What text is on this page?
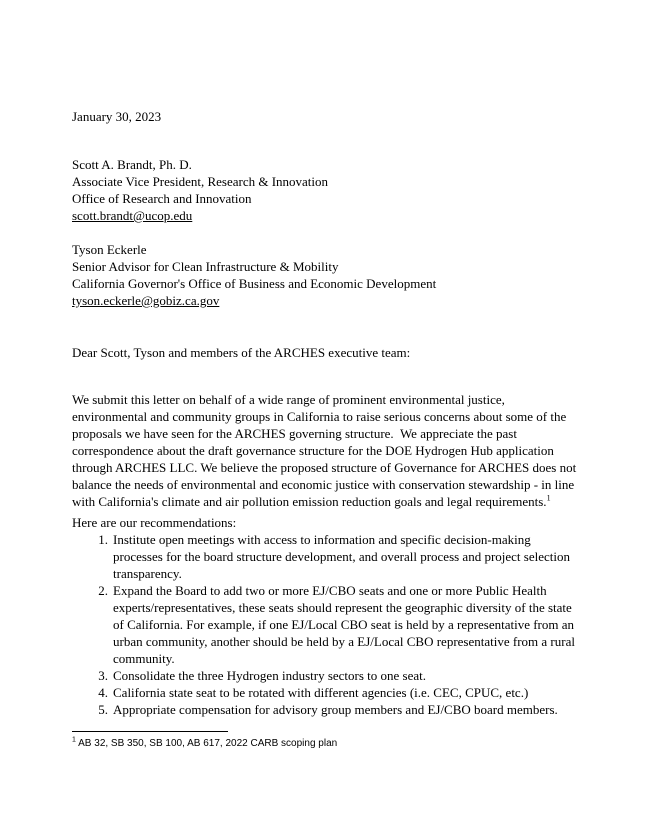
January 30, 2023
Scott A. Brandt, Ph. D.
Associate Vice President, Research & Innovation
Office of Research and Innovation
scott.brandt@ucop.edu
Tyson Eckerle
Senior Advisor for Clean Infrastructure & Mobility
California Governor's Office of Business and Economic Development
tyson.eckerle@gobiz.ca.gov
Dear Scott, Tyson and members of the ARCHES executive team:

We submit this letter on behalf of a wide range of prominent environmental justice, environmental and community groups in California to raise serious concerns about some of the proposals we have seen for the ARCHES governing structure. We appreciate the past correspondence about the draft governance structure for the DOE Hydrogen Hub application through ARCHES LLC. We believe the proposed structure of Governance for ARCHES does not balance the needs of environmental and economic justice with conservation stewardship - in line with California's climate and air pollution emission reduction goals and legal requirements.$^1$

Here are our recommendations:
1. Institute open meetings with access to information and specific decision-making processes for the board structure development, and overall process and project selection transparency.
2. Expand the Board to add two or more EJ/CBO seats and one or more Public Health experts/representatives, these seats should represent the geographic diversity of the state of California. For example, if one EJ/Local CBO seat is held by a representative from an urban community, another should be held by a EJ/Local CBO representative from a rural community.
3. Consolidate the three Hydrogen industry sectors to one seat.
4. California state seat to be rotated with different agencies (i.e. CEC, CPUC, etc.)
5. Appropriate compensation for advisory group members and EJ/CBO board members.
$^1$ AB 32, SB 350, SB 100, AB 617, 2022 CARB scoping plan
